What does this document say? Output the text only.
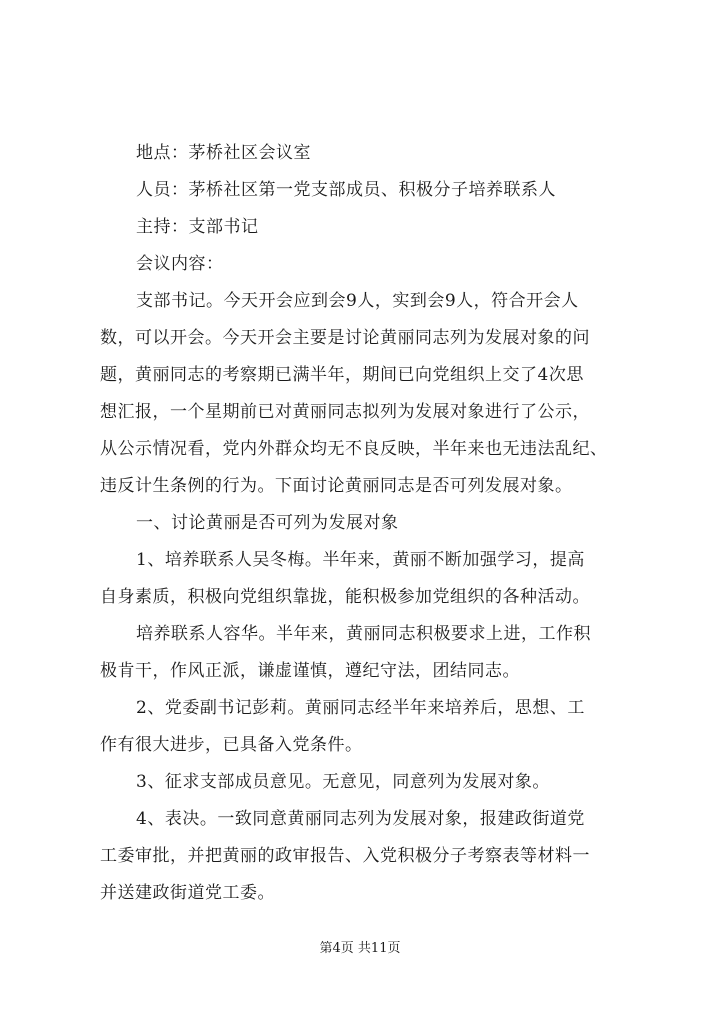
地点：茅桥社区会议室

人员：茅桥社区第一党支部成员、积极分子培养联系人

主持：支部书记

会议内容：

支部书记。今天开会应到会9人，实到会9人，符合开会人

数，可以开会。今天开会主要是讨论黄丽同志列为发展对象的问

题，黄丽同志的考察期已满半年，期间已向党组织上交了4次思

想汇报，一个星期前已对黄丽同志拟列为发展对象进行了公示，

从公示情况看，党内外群众均无不良反映，半年来也无违法乱纪、

违反计生条例的行为。下面讨论黄丽同志是否可列发展对象。

一、讨论黄丽是否可列为发展对象

1、培养联系人吴冬梅。半年来，黄丽不断加强学习，提高

自身素质，积极向党组织靠拢，能积极参加党组织的各种活动。

培养联系人容华。半年来，黄丽同志积极要求上进，工作积

极肯干，作风正派，谦虚谨慎，遵纪守法，团结同志。

2、党委副书记彭莉。黄丽同志经半年来培养后，思想、工

作有很大进步，已具备入党条件。

3、征求支部成员意见。无意见，同意列为发展对象。

4、表决。一致同意黄丽同志列为发展对象，报建政街道党

工委审批，并把黄丽的政审报告、入党积极分子考察表等材料一

并送建政街道党工委。

第4页 共11页
